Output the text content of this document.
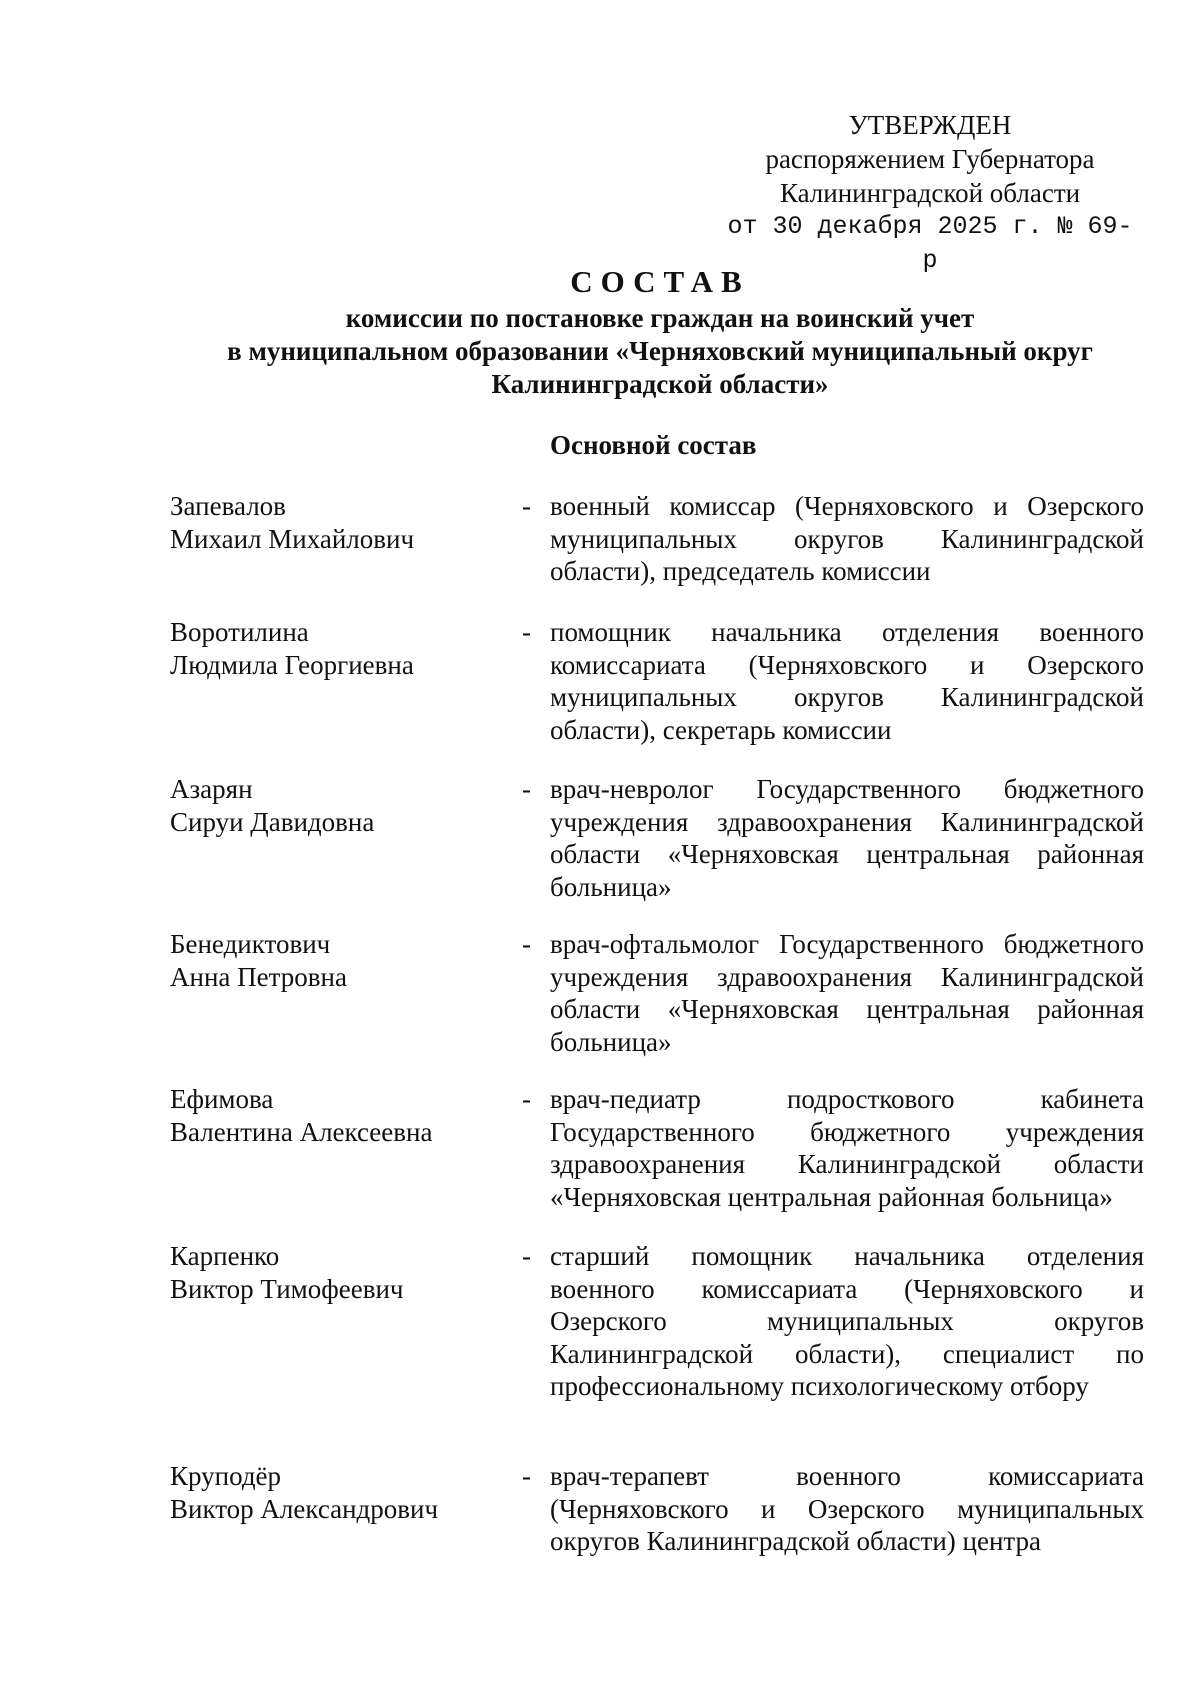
УТВЕРЖДЕН
распоряжением Губернатора
Калининградской области
от 30 декабря 2025 г. № 69-р
СОСТАВ
комиссии по постановке граждан на воинский учет
в муниципальном образовании «Черняховский муниципальный округ
Калининградской области»
Основной состав
Запевалов
Михаил Михайлович
- военный комиссар (Черняховского и Озерского муниципальных округов Калининградской области), председатель комиссии
Воротилина
Людмила Георгиевна
- помощник начальника отделения военного комиссариата (Черняховского и Озерского муниципальных округов Калининградской области), секретарь комиссии
Азарян
Сируи Давидовна
- врач-невролог Государственного бюджетного учреждения здравоохранения Калининградской области «Черняховская центральная районная больница»
Бенедиктович
Анна Петровна
- врач-офтальмолог Государственного бюджетного учреждения здравоохранения Калининградской области «Черняховская центральная районная больница»
Ефимова
Валентина Алексеевна
- врач-педиатр подросткового кабинета Государственного бюджетного учреждения здравоохранения Калининградской области «Черняховская центральная районная больница»
Карпенко
Виктор Тимофеевич
- старший помощник начальника отделения военного комиссариата (Черняховского и Озерского муниципальных округов Калининградской области), специалист по профессиональному психологическому отбору
Круподёр
Виктор Александрович
- врач-терапевт военного комиссариата (Черняховского и Озерского муниципальных округов Калининградской области) центра
